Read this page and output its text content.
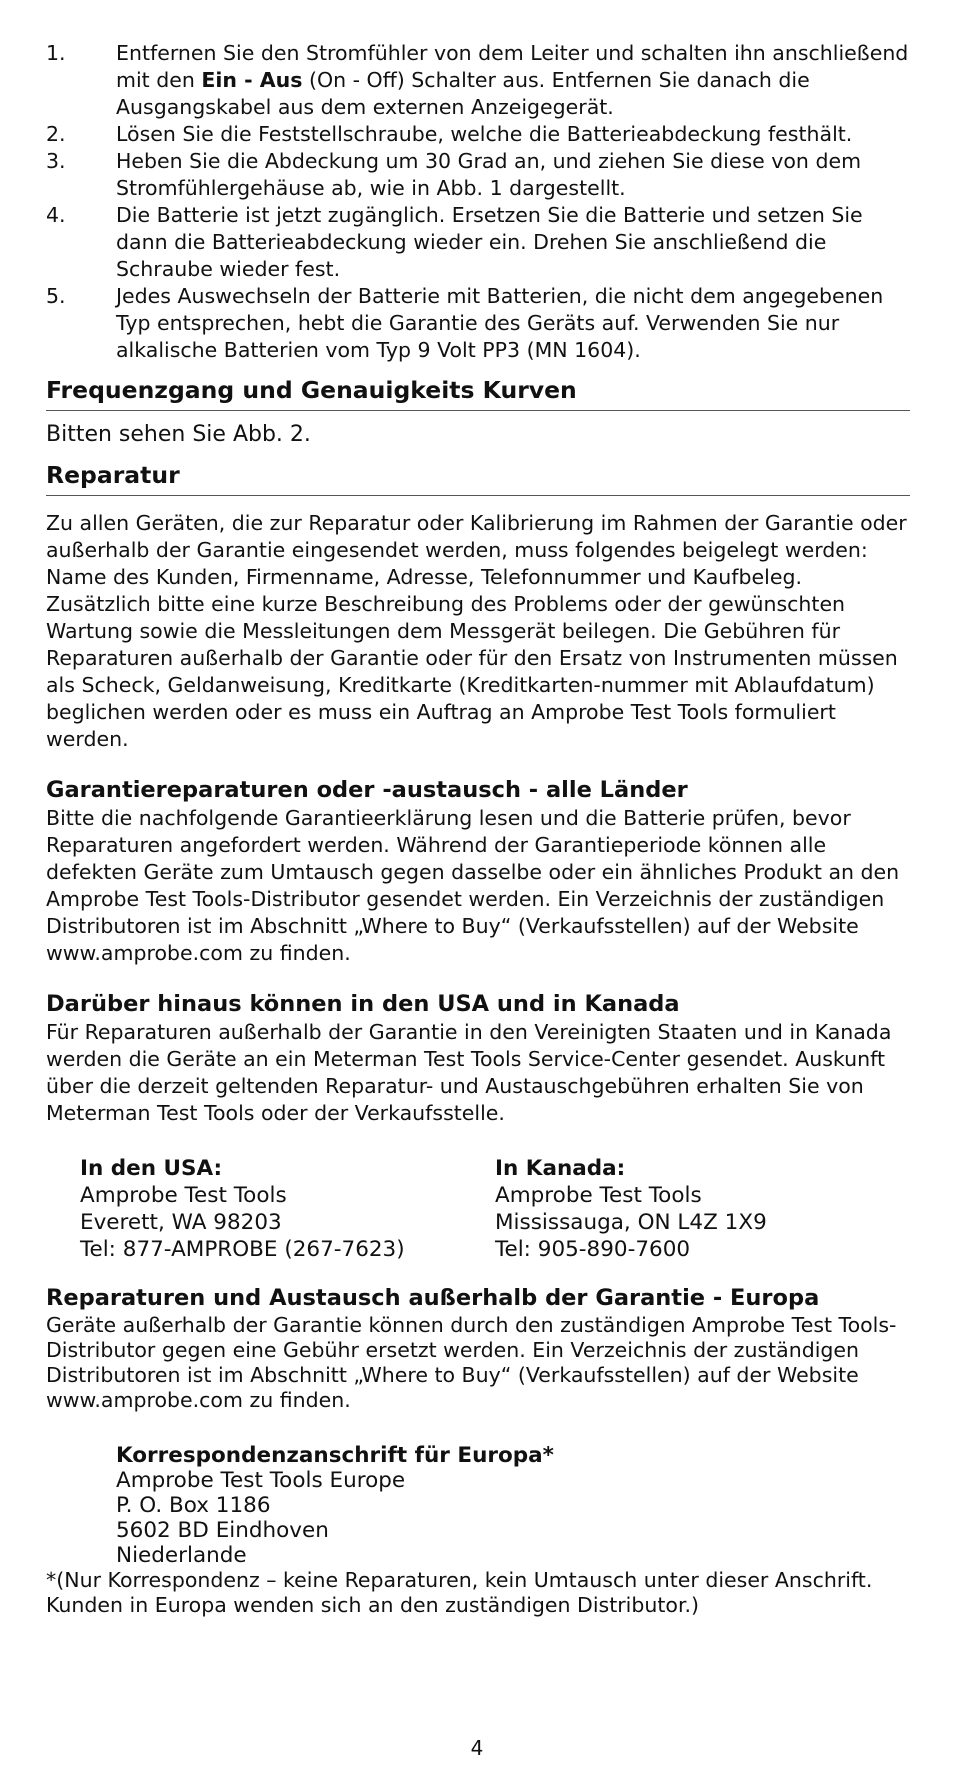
1.	Entfernen Sie den Stromfühler von dem Leiter und schalten ihn anschließend mit den Ein - Aus (On - Off) Schalter aus. Entfernen Sie danach die Ausgangskabel aus dem externen Anzeigegerät.
2.	Lösen Sie die Feststellschraube, welche die Batterieabdeckung festhält.
3.	Heben Sie die Abdeckung um 30 Grad an, und ziehen Sie diese von dem Stromfühlergehäuse ab, wie in Abb. 1 dargestellt.
4.	Die Batterie ist jetzt zugänglich. Ersetzen Sie die Batterie und setzen Sie dann die Batterieabdeckung wieder ein. Drehen Sie anschließend die Schraube wieder fest.
5.	Jedes Auswechseln der Batterie mit Batterien, die nicht dem angegebenen Typ entsprechen, hebt die Garantie des Geräts auf. Verwenden Sie nur alkalische Batterien vom Typ 9 Volt PP3 (MN 1604).
Frequenzgang und Genauigkeits Kurven
Bitten sehen Sie Abb. 2.
Reparatur

Zu allen Geräten, die zur Reparatur oder Kalibrierung im Rahmen der Garantie oder außerhalb der Garantie eingesendet werden, muss folgendes beigelegt werden: Name des Kunden, Firmenname, Adresse, Telefonnummer und Kaufbeleg. Zusätzlich bitte eine kurze Beschreibung des Problems oder der gewünschten Wartung sowie die Messleitungen dem Messgerät beilegen. Die Gebühren für Reparaturen außerhalb der Garantie oder für den Ersatz von Instrumenten müssen als Scheck, Geldanweisung, Kreditkarte (Kreditkarten-nummer mit Ablaufdatum) beglichen werden oder es muss ein Auftrag an Amprobe Test Tools formuliert werden.

Garantiereparaturen oder -austausch - alle Länder

Bitte die nachfolgende Garantieerklärung lesen und die Batterie prüfen, bevor Reparaturen angefordert werden. Während der Garantieperiode können alle defekten Geräte zum Umtausch gegen dasselbe oder ein ähnliches Produkt an den Amprobe Test Tools-Distributor gesendet werden. Ein Verzeichnis der zuständigen Distributoren ist im Abschnitt „Where to Buy“ (Verkaufsstellen) auf der Website www.amprobe.com zu finden.

Darüber hinaus können in den USA und in Kanada

Für Reparaturen außerhalb der Garantie in den Vereinigten Staaten und in Kanada werden die Geräte an ein Meterman Test Tools Service-Center gesendet. Auskunft über die derzeit geltenden Reparatur- und Austauschgebühren erhalten Sie von Meterman Test Tools oder der Verkaufsstelle.

In den USA:
Amprobe Test Tools
Everett, WA 98203
Tel: 877-AMPROBE (267-7623)
In Kanada:
Amprobe Test Tools
Mississauga, ON L4Z 1X9
Tel: 905-890-7600
Reparaturen und Austausch außerhalb der Garantie - Europa

Geräte außerhalb der Garantie können durch den zuständigen Amprobe Test Tools-Distributor gegen eine Gebühr ersetzt werden. Ein Verzeichnis der zuständigen Distributoren ist im Abschnitt „Where to Buy“ (Verkaufsstellen) auf der Website www.amprobe.com zu finden.

Korrespondenzanschrift für Europa*
Amprobe Test Tools Europe
P. O. Box 1186
5602 BD Eindhoven
Niederlande
*(Nur Korrespondenz – keine Reparaturen, kein Umtausch unter dieser Anschrift. Kunden in Europa wenden sich an den zuständigen Distributor.)
4
